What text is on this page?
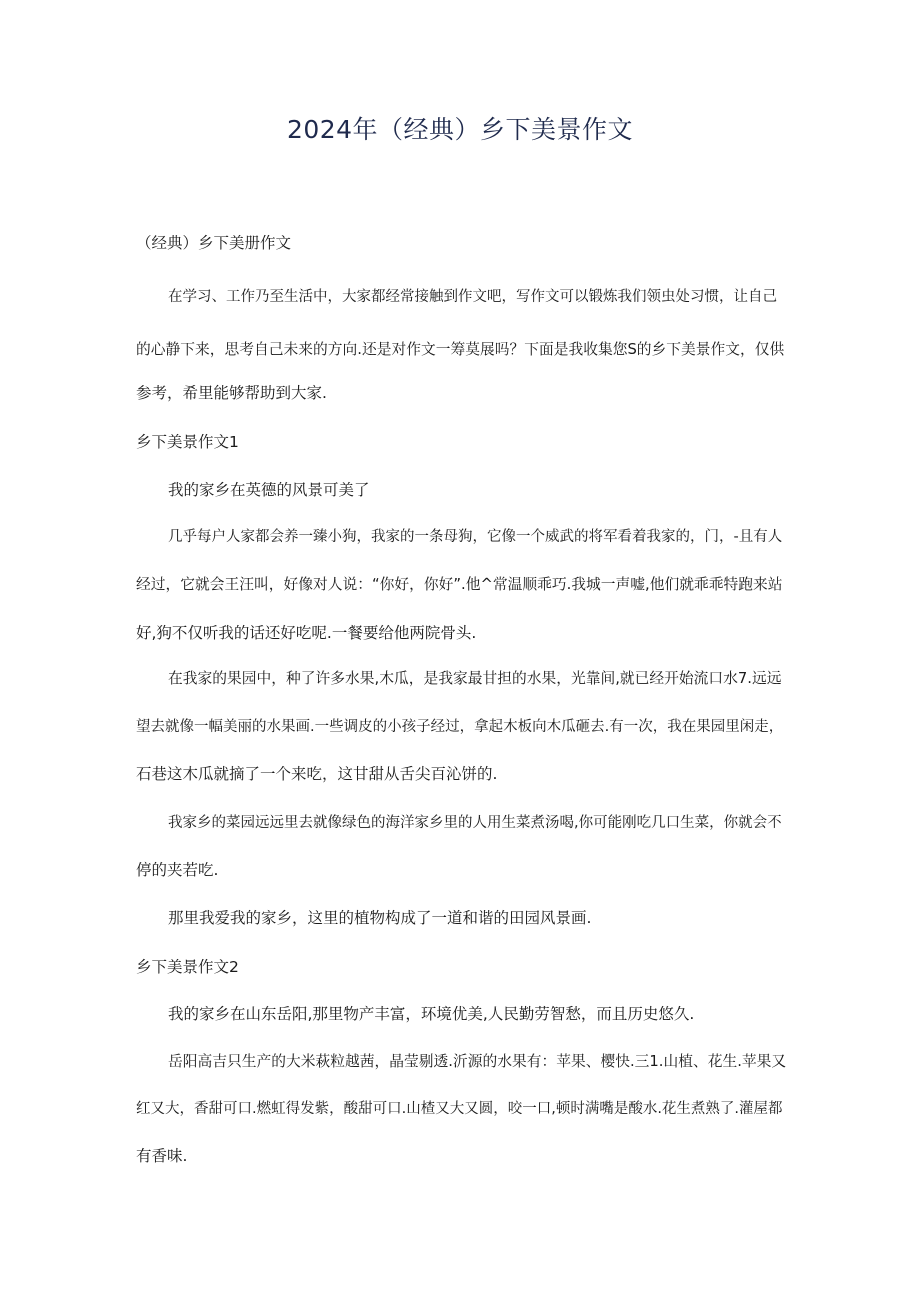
2024年（经典）乡下美景作文
（经典）乡下美册作文
在学习、工作乃至生活中，大家都经常接触到作文吧，写作文可以锻炼我们领虫处习惯，让自己
的心静下来，思考自己未来的方向.还是对作文一筹莫展吗？下面是我收集您S的乡下美景作文，仅供
参考，希里能够帮助到大家.
乡下美景作文1
我的家乡在英德的风景可美了
几乎每户人家都会养一臻小狗，我家的一条母狗，它像一个威武的将军看着我家的，门，-且有人
经过，它就会王汪叫，好像对人说：“你好，你好”.他^常温顺乖巧.我城一声嘘,他们就乖乖特跑来站
好,狗不仅听我的话还好吃呢.一餐要给他两院骨头.
在我家的果园中，种了许多水果,木瓜，是我家最甘担的水果，光靠间,就已经开始流口水7.远远
望去就像一幅美丽的水果画.一些调皮的小孩子经过，拿起木板向木瓜砸去.有一次，我在果园里闲走，
石巷这木瓜就摘了一个来吃，这甘甜从舌尖百沁饼的.
我家乡的菜园远远里去就像绿色的海洋家乡里的人用生菜煮汤喝,你可能刚吃几口生菜，你就会不
停的夹若吃.
那里我爱我的家乡，这里的植物构成了一道和谐的田园风景画.
乡下美景作文2
我的家乡在山东岳阳,那里物产丰富，环境优美,人民勤劳智愁，而且历史悠久.
岳阳高吉只生产的大米萩粒越茜，晶莹剔透.沂源的水果有：苹果、樱快.三1.山植、花生.苹果又
红又大，香甜可口.燃虹得发紫，酸甜可口.山楂又大又圆，咬一口,顿时满嘴是酸水.花生煮熟了.灌屋都
有香味.
